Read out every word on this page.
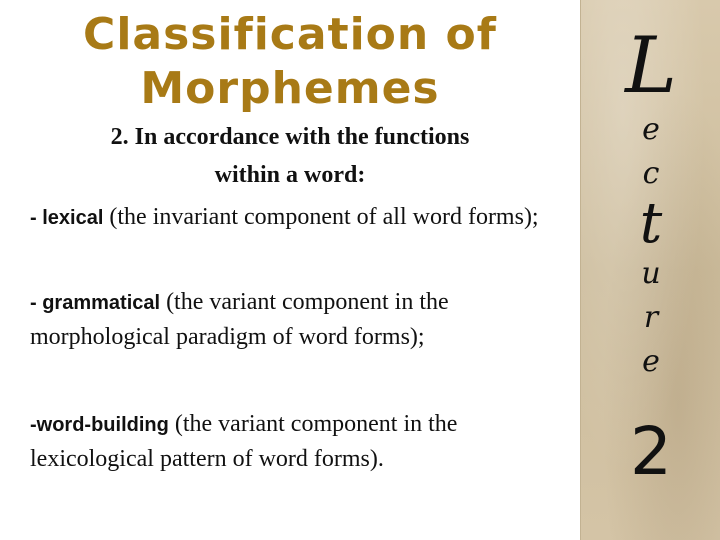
Classification of
Morphemes
2. In accordance with the functions
within a word:

- lexical (the invariant component of all word forms);

- grammatical (the variant component in the morphological paradigm of word forms);

-word-building (the variant component in the lexicological pattern of word forms).

L
e
c
t
u
r
e
2
